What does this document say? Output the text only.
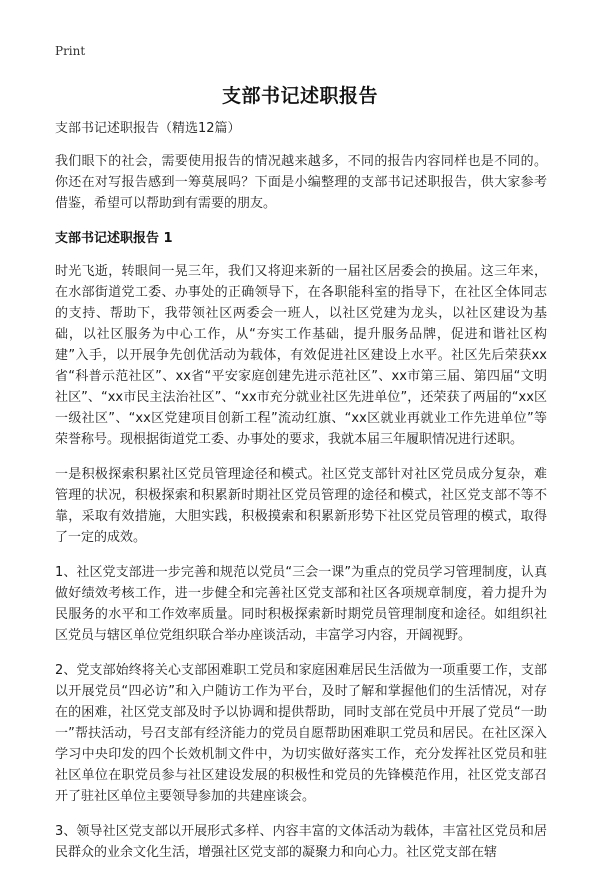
Print
支部书记述职报告

支部书记述职报告（精选12篇）

我们眼下的社会，需要使用报告的情况越来越多，不同的报告内容同样也是不同的。你还在对写报告感到一筹莫展吗？下面是小编整理的支部书记述职报告，供大家参考借鉴，希望可以帮助到有需要的朋友。

支部书记述职报告 1

时光飞逝，转眼间一晃三年，我们又将迎来新的一届社区居委会的换届。这三年来，在水部街道党工委、办事处的正确领导下，在各职能科室的指导下，在社区全体同志的支持、帮助下，我带领社区两委会一班人，以社区党建为龙头，以社区建设为基础，以社区服务为中心工作，从“夯实工作基础，提升服务品牌，促进和谐社区构建”入手，以开展争先创优活动为载体，有效促进社区建设上水平。社区先后荣获xx省“科普示范社区”、xx省“平安家庭创建先进示范社区”、xx市第三届、第四届“文明社区”、“xx市民主法治社区”、“xx市充分就业社区先进单位”，还荣获了两届的“xx区一级社区”、“xx区党建项目创新工程”流动红旗、“xx区就业再就业工作先进单位”等荣誉称号。现根据街道党工委、办事处的要求，我就本届三年履职情况进行述职。

一是积极探索积累社区党员管理途径和模式。社区党支部针对社区党员成分复杂，难管理的状况，积极探索和积累新时期社区党员管理的途径和模式，社区党支部不等不靠，采取有效措施，大胆实践，积极摸索和积累新形势下社区党员管理的模式，取得了一定的成效。

1、社区党支部进一步完善和规范以党员“三会一课”为重点的党员学习管理制度，认真做好绩效考核工作，进一步健全和完善社区党支部和社区各项规章制度，着力提升为民服务的水平和工作效率质量。同时积极探索新时期党员管理制度和途径。如组织社区党员与辖区单位党组织联合举办座谈活动，丰富学习内容，开阔视野。

2、党支部始终将关心支部困难职工党员和家庭困难居民生活做为一项重要工作，支部以开展党员“四必访”和入户随访工作为平台，及时了解和掌握他们的生活情况，对存在的困难，社区党支部及时予以协调和提供帮助，同时支部在党员中开展了党员“一助一”帮扶活动，号召支部有经济能力的党员自愿帮助困难职工党员和居民。在社区深入学习中央印发的四个长效机制文件中，为切实做好落实工作，充分发挥社区党员和驻社区单位在职党员参与社区建设发展的积极性和党员的先锋模范作用，社区党支部召开了驻社区单位主要领导参加的共建座谈会。

3、领导社区党支部以开展形式多样、内容丰富的文体活动为载体，丰富社区党员和居民群众的业余文化生活，增强社区党支部的凝聚力和向心力。社区党支部在辖
